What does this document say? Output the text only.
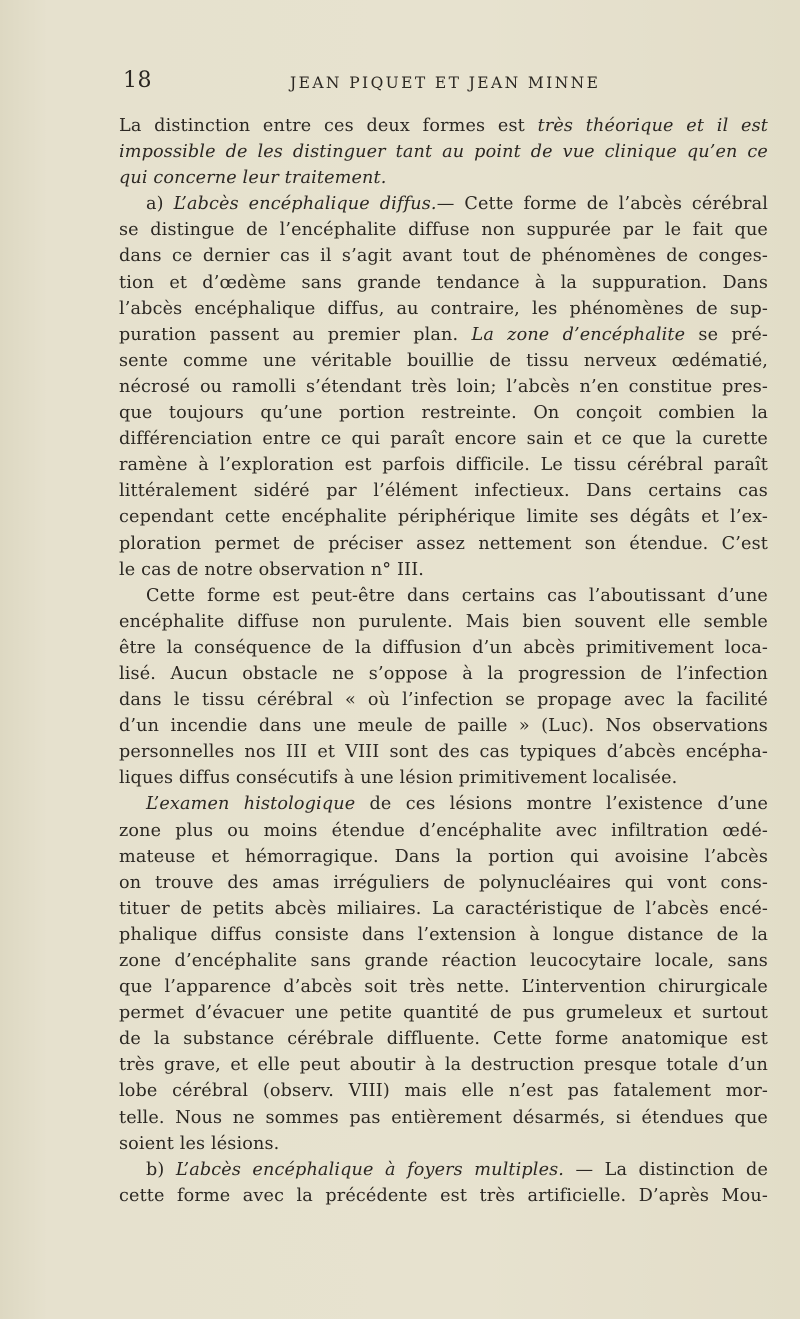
18	JEAN PIQUET ET JEAN MINNE
La distinction entre ces deux formes est très théorique et il est
impossible de les distinguer tant au point de vue clinique qu’en ce
qui concerne leur traitement.
a) L’abcès encéphalique diffus.— Cette forme de l’abcès cérébral
se distingue de l’encéphalite diffuse non suppurée par le fait que
dans ce dernier cas il s’agit avant tout de phénomènes de conges-
tion et d’œdème sans grande tendance à la suppuration. Dans
l’abcès encéphalique diffus, au contraire, les phénomènes de sup-
puration passent au premier plan. La zone d’encéphalite se pré-
sente comme une véritable bouillie de tissu nerveux œdématié,
nécrosé ou ramolli s’étendant très loin; l’abcès n’en constitue pres-
que toujours qu’une portion restreinte. On conçoit combien la
différenciation entre ce qui paraît encore sain et ce que la curette
ramène à l’exploration est parfois difficile. Le tissu cérébral paraît
littéralement sidéré par l’élément infectieux. Dans certains cas
cependant cette encéphalite périphérique limite ses dégâts et l’ex-
ploration permet de préciser assez nettement son étendue. C’est
le cas de notre observation n° III.
Cette forme est peut-être dans certains cas l’aboutissant d’une
encéphalite diffuse non purulente. Mais bien souvent elle semble
être la conséquence de la diffusion d’un abcès primitivement loca-
lisé. Aucun obstacle ne s’oppose à la progression de l’infection
dans le tissu cérébral « où l’infection se propage avec la facilité
d’un incendie dans une meule de paille » (Luc). Nos observations
personnelles nos III et VIII sont des cas typiques d’abcès encépha-
liques diffus consécutifs à une lésion primitivement localisée.
L’examen histologique de ces lésions montre l’existence d’une
zone plus ou moins étendue d’encéphalite avec infiltration œdé-
mateuse et hémorragique. Dans la portion qui avoisine l’abcès
on trouve des amas irréguliers de polynucléaires qui vont cons-
tituer de petits abcès miliaires. La caractéristique de l’abcès encé-
phalique diffus consiste dans l’extension à longue distance de la
zone d’encéphalite sans grande réaction leucocytaire locale, sans
que l’apparence d’abcès soit très nette. L’intervention chirurgicale
permet d’évacuer une petite quantité de pus grumeleux et surtout
de la substance cérébrale diffluente. Cette forme anatomique est
très grave, et elle peut aboutir à la destruction presque totale d’un
lobe cérébral (observ. VIII) mais elle n’est pas fatalement mor-
telle. Nous ne sommes pas entièrement désarmés, si étendues que
soient les lésions.
b) L’abcès encéphalique à foyers multiples. — La distinction de
cette forme avec la précédente est très artificielle. D’après Mou-
